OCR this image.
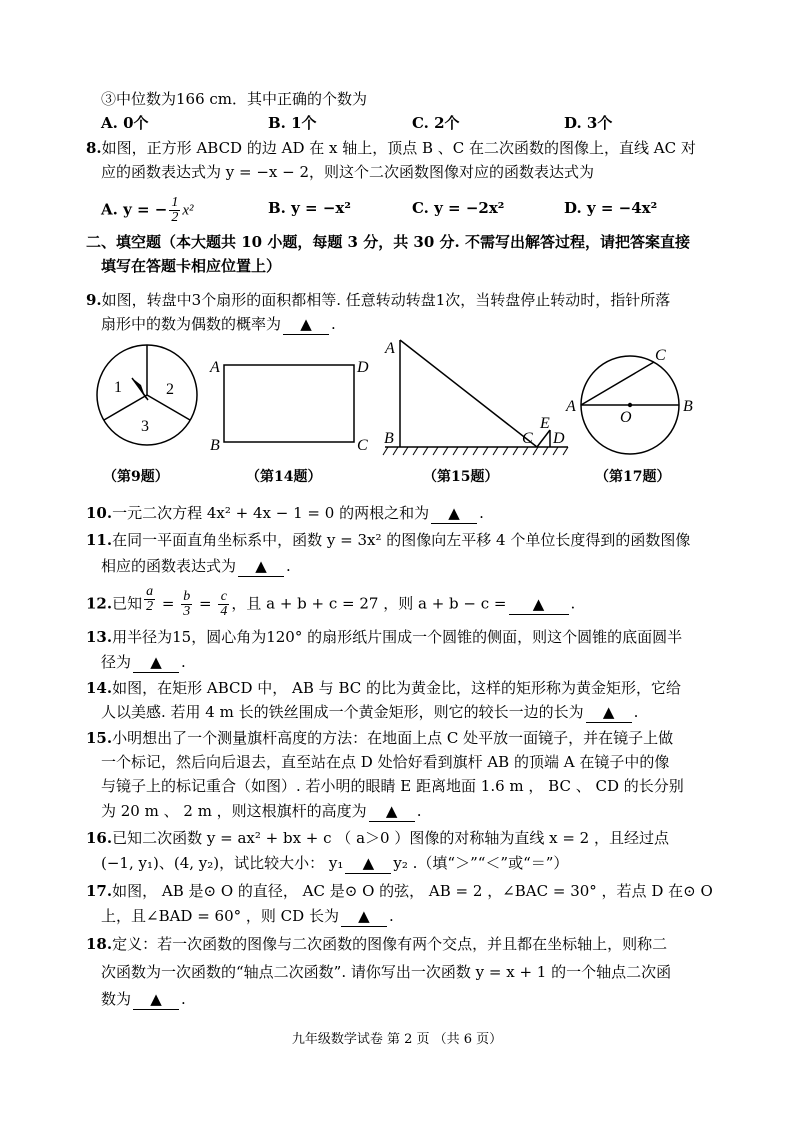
③中位数为166 cm．其中正确的个数为
A. 0个	B. 1个	C. 2个	D. 3个
8.如图，正方形 ABCD 的边 AD 在 x 轴上，顶点 B 、C 在二次函数的图像上，直线 AC 对
应的函数表达式为 y = −x − 2，则这个二次函数图像对应的函数表达式为
A. y = − $\frac{1}{2} x^2$	B. y = −x²	C. y = −2x²	D. y = −4x²
二、填空题（本大题共 10 小题，每题 3 分，共 30 分. 不需写出解答过程，请把答案直接
填写在答题卡相应位置上）
9.如图，转盘中3个扇形的面积都相等. 任意转动转盘1次，当转盘停止转动时，指针所落
扇形中的数为偶数的概率为 ▲ .
1	2
3
A	D
B	C
A
B	C
E
D
C
A
O
B
（第9题）	（第14题）	（第15题）	（第17题）
10.一元二次方程 4x² + 4x − 1 = 0 的两根之和为 ▲ .
11.在同一平面直角坐标系中，函数 y = 3x² 的图像向左平移 4 个单位长度得到的函数图像
相应的函数表达式为 ▲ .
12.已知 $\frac{a}{2} = \frac{b}{3} = \frac{c}{4}$ ，且 a + b + c = 27 ，则 a + b − c = ▲ .
13.用半径为15，圆心角为120° 的扇形纸片围成一个圆锥的侧面，则这个圆锥的底面圆半
径为 ▲ .
14.如图，在矩形 ABCD 中， AB 与 BC 的比为黄金比，这样的矩形称为黄金矩形，它给
人以美感. 若用 4 m 长的铁丝围成一个黄金矩形，则它的较长一边的长为 ▲ .
15.小明想出了一个测量旗杆高度的方法：在地面上点 C 处平放一面镜子，并在镜子上做
一个标记，然后向后退去，直至站在点 D 处恰好看到旗杆 AB 的顶端 A 在镜子中的像
与镜子上的标记重合（如图）. 若小明的眼睛 E 距离地面 1.6 m ， BC 、 CD 的长分别
为 20 m 、 2 m ，则这根旗杆的高度为 ▲ .
16.已知二次函数 y = ax² + bx + c （ a＞0 ）图像的对称轴为直线 x = 2 ，且经过点
(−1, y₁)、(4, y₂)，试比较大小： y₁ ▲ y₂ .（填“＞”“＜”或“＝”）
17.如图， AB 是⊙ O 的直径， AC 是⊙ O 的弦， AB = 2 ，∠BAC = 30° ，若点 D 在⊙ O
上，且∠BAD = 60° ，则 CD 长为 ▲ .
18.定义：若一次函数的图像与二次函数的图像有两个交点，并且都在坐标轴上，则称二
次函数为一次函数的“轴点二次函数”. 请你写出一次函数 y = x + 1 的一个轴点二次函
数为 ▲ .
九年级数学试卷 第 2 页 （共 6 页）
